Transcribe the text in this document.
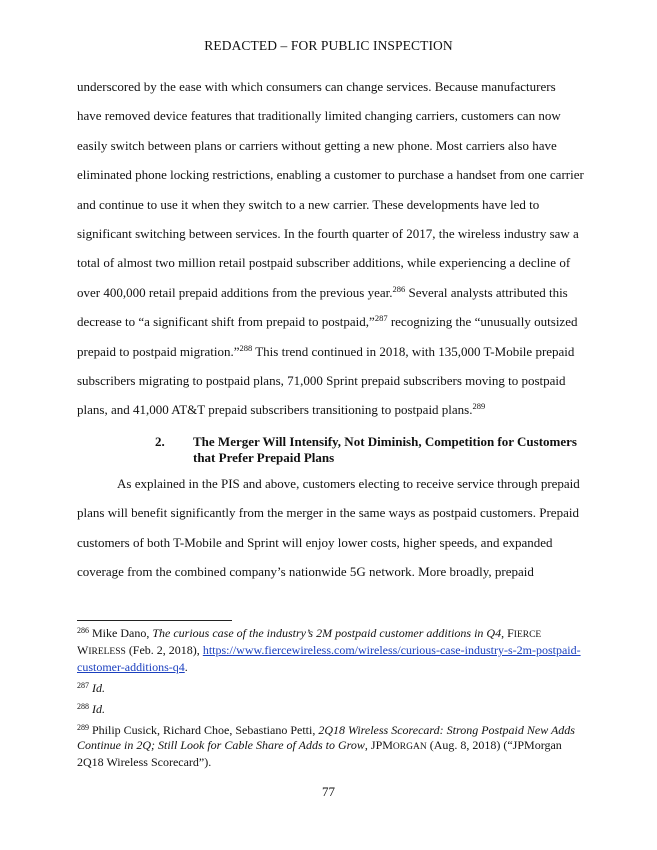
REDACTED – FOR PUBLIC INSPECTION
underscored by the ease with which consumers can change services. Because manufacturers
have removed device features that traditionally limited changing carriers, customers can now
easily switch between plans or carriers without getting a new phone. Most carriers also have
eliminated phone locking restrictions, enabling a customer to purchase a handset from one carrier
and continue to use it when they switch to a new carrier. These developments have led to
significant switching between services. In the fourth quarter of 2017, the wireless industry saw a
total of almost two million retail postpaid subscriber additions, while experiencing a decline of
over 400,000 retail prepaid additions from the previous year.$^{286}$ Several analysts attributed this
decrease to “a significant shift from prepaid to postpaid,”$^{287}$ recognizing the “unusually outsized
prepaid to postpaid migration.”$^{288}$ This trend continued in 2018, with 135,000 T-Mobile prepaid
subscribers migrating to postpaid plans, 71,000 Sprint prepaid subscribers moving to postpaid
plans, and 41,000 AT&T prepaid subscribers transitioning to postpaid plans.$^{289}$
2. The Merger Will Intensify, Not Diminish, Competition for Customers
that Prefer Prepaid Plans
As explained in the PIS and above, customers electing to receive service through prepaid
plans will benefit significantly from the merger in the same ways as postpaid customers. Prepaid
customers of both T-Mobile and Sprint will enjoy lower costs, higher speeds, and expanded
coverage from the combined company’s nationwide 5G network. More broadly, prepaid
$^{286}$ Mike Dano, The curious case of the industry’s 2M postpaid customer additions in Q4, FIERCE WIRELESS (Feb. 2, 2018), https://www.fiercewireless.com/wireless/curious-case-industry-s-2m-postpaid-customer-additions-q4.
$^{287}$ Id.
$^{288}$ Id.
$^{289}$ Philip Cusick, Richard Choe, Sebastiano Petti, 2Q18 Wireless Scorecard: Strong Postpaid New Adds Continue in 2Q; Still Look for Cable Share of Adds to Grow, JPMORGAN (Aug. 8, 2018) (“JPMorgan 2Q18 Wireless Scorecard”).
77
